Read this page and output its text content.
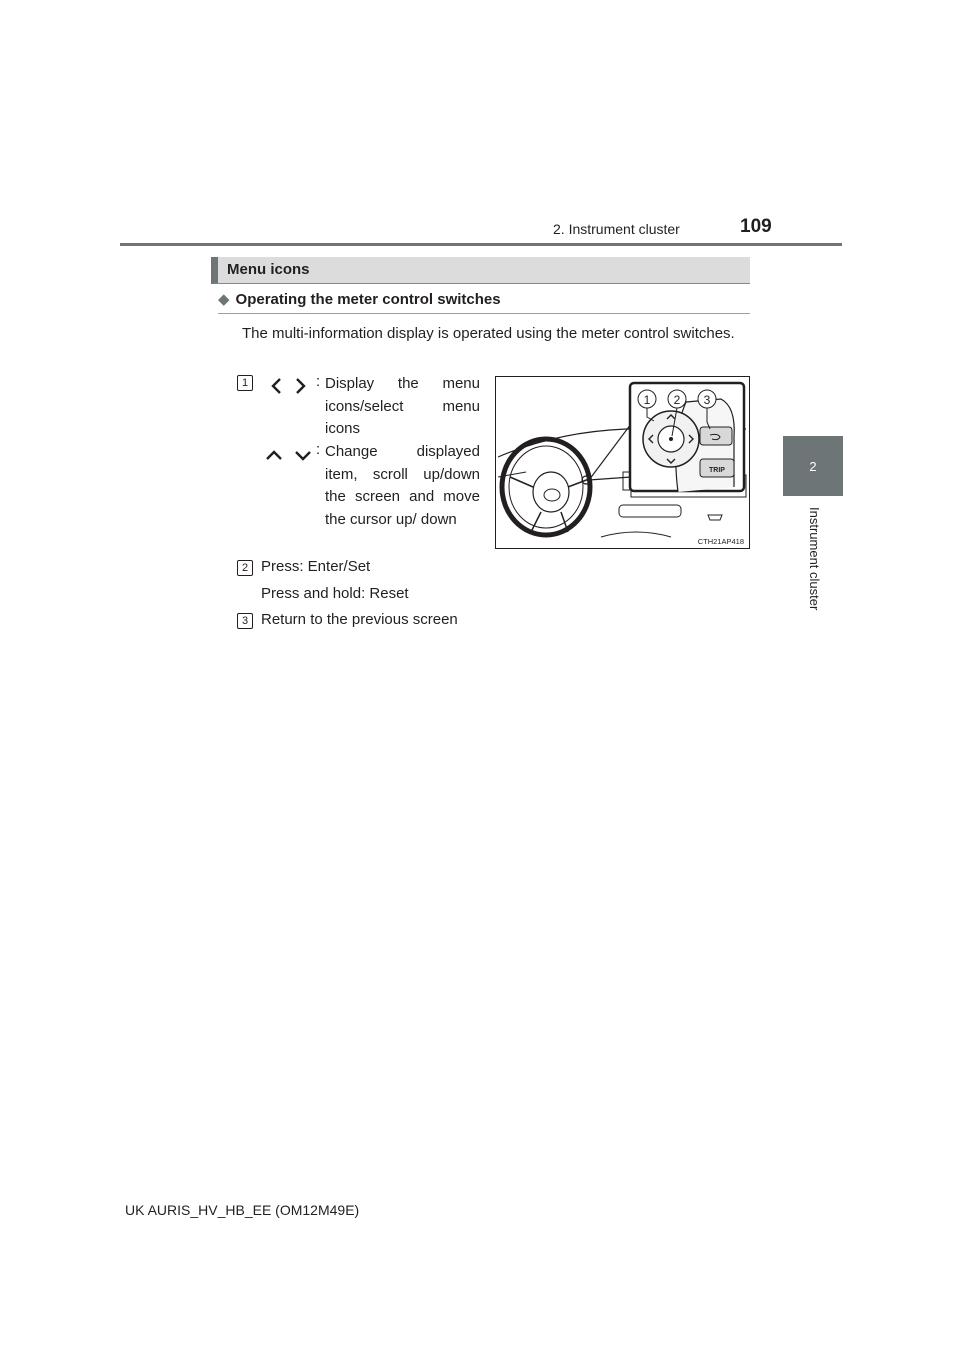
2. Instrument cluster	109
2
Instrument cluster
Menu icons
◆ Operating the meter control switches
The multi-information display is operated using the meter control switches.
1	: Display the menu icons/select menu icons
: Change displayed item, scroll up/down the screen and move the cursor up/ down
2 Press: Enter/Set
Press and hold: Reset
3 Return to the previous screen
TRIP
1 2 3
CTH21AP418
UK AURIS_HV_HB_EE (OM12M49E)
